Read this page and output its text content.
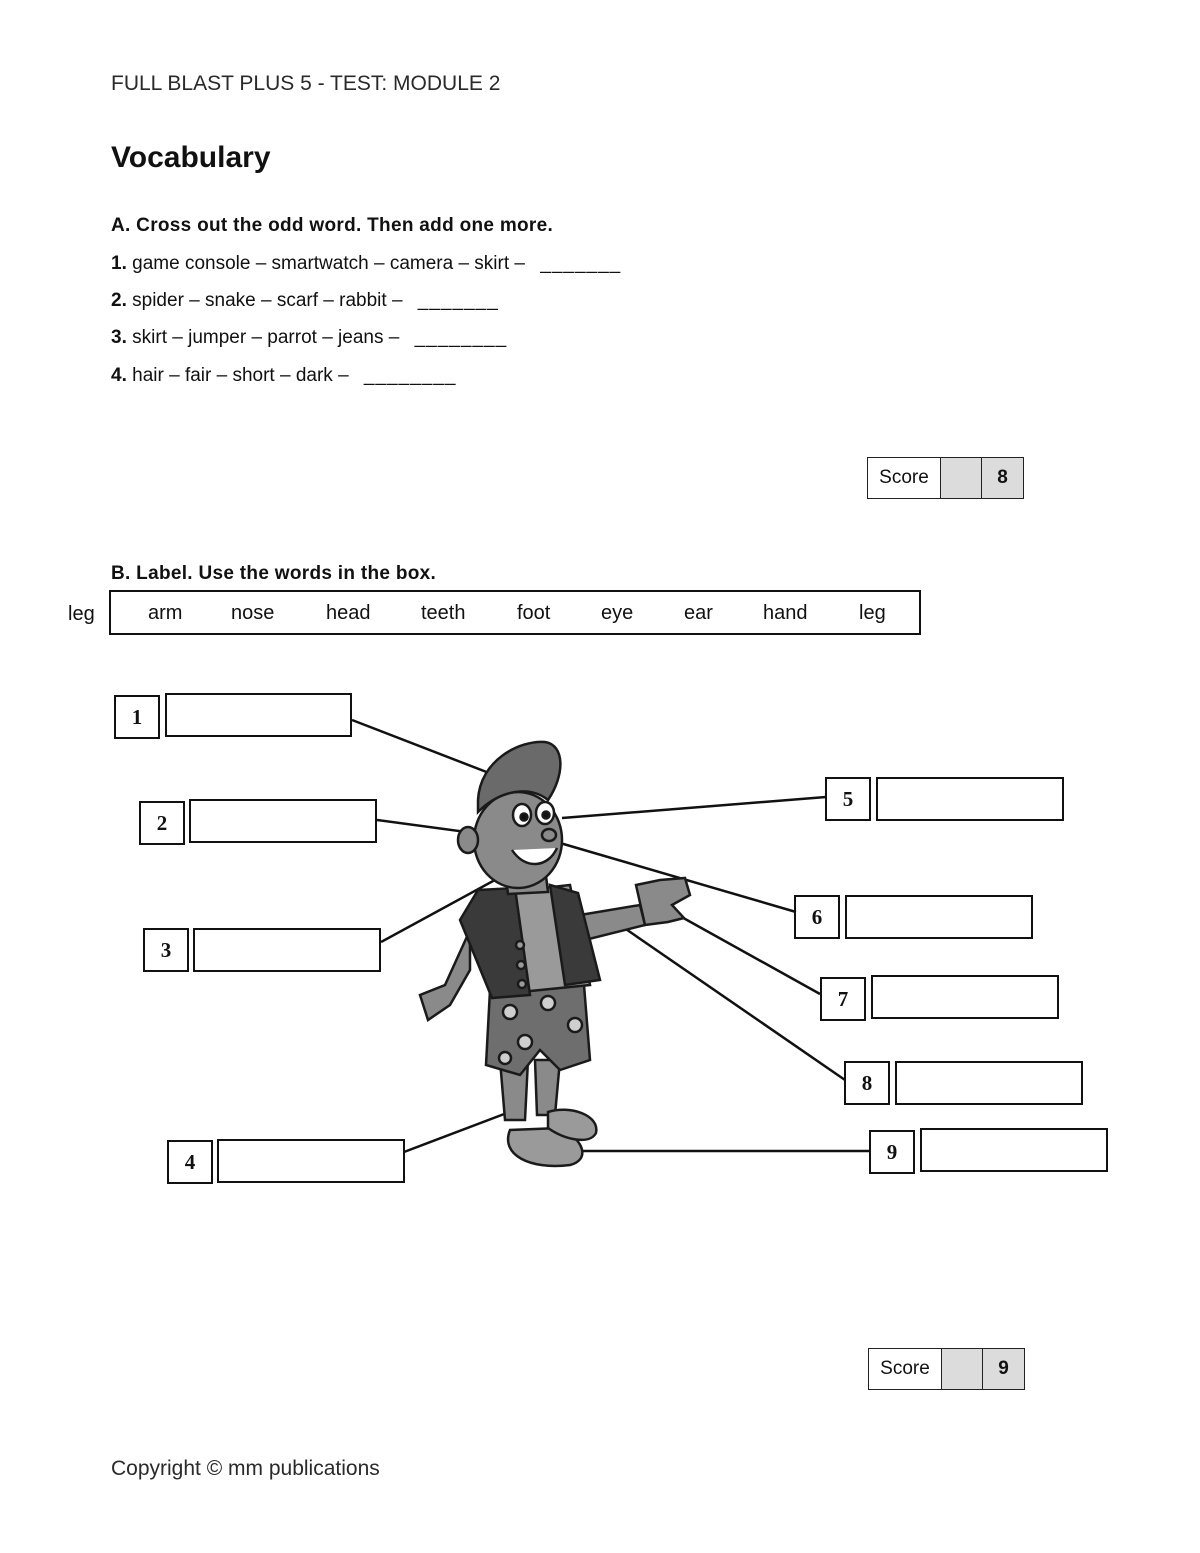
FULL BLAST PLUS 5 - TEST: MODULE 2
Vocabulary
A. Cross out the odd word. Then add one more.
1. game console – smartwatch – camera – skirt – _______
2. spider – snake – scarf – rabbit – _______
3. skirt – jumper – parrot – jeans – ________
4. hair – fair – short – dark – ________
Score	8
B. Label. Use the words in the box.
leg	arm nose	head	teeth	foot	eye	ear	hand	leg
1
2
3
4
5
6
7
8
9
Score	9
Copyright © mm publications
